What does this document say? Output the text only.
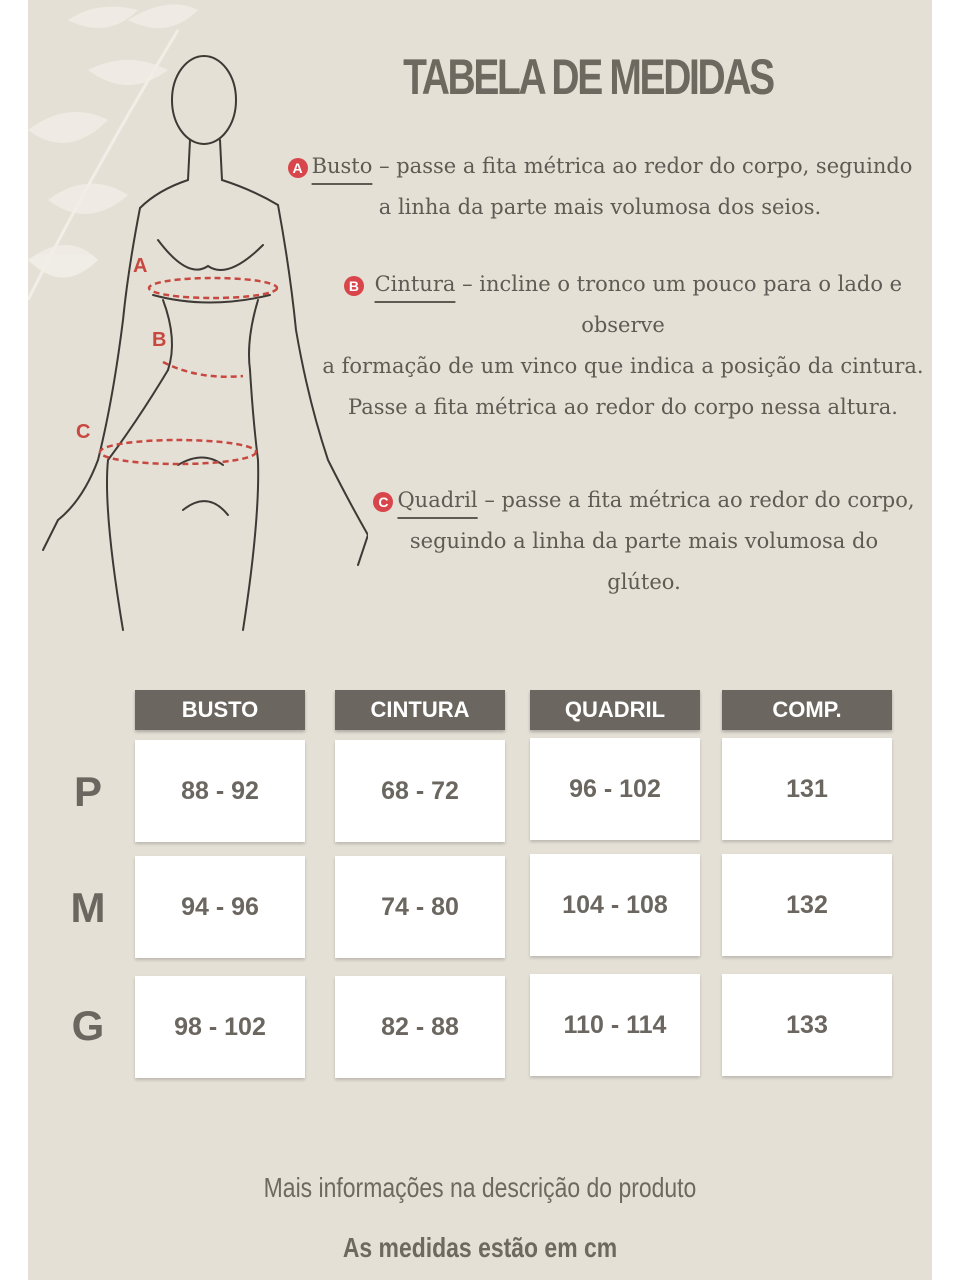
A
B
C
TABELA DE MEDIDAS
A Busto – passe a fita métrica ao redor do corpo, seguindo
a linha da parte mais volumosa dos seios.
B Cintura – incline o tronco um pouco para o lado e
observe
a formação de um vinco que indica a posição da cintura.
Passe a fita métrica ao redor do corpo nessa altura.
C Quadril – passe a fita métrica ao redor do corpo,
seguindo a linha da parte mais volumosa do
glúteo.
BUSTO	CINTURA	QUADRIL	COMP.
P	88 - 92	68 - 72	96 - 102	131
M	94 - 96	74 - 80	104 - 108	132
G	98 - 102	82 - 88	110 - 114	133
Mais informações na descrição do produto
As medidas estão em cm
